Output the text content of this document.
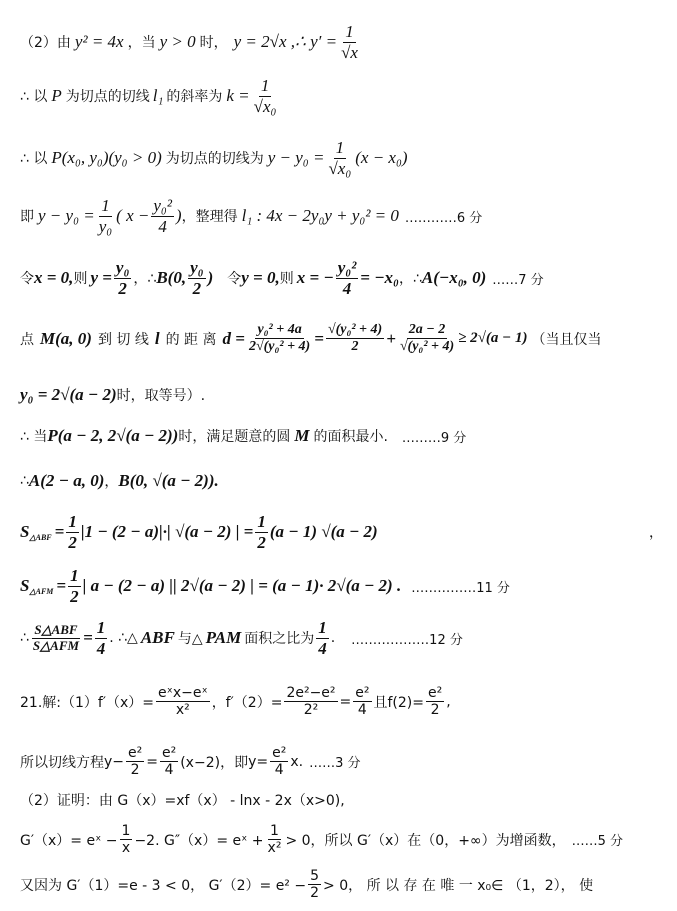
（2）由 y² = 4x ，当 y > 0 时， y = 2√x ,∴ $y' = \frac{1}{√x}$
∴ 以 P 为切点的切线 l₁ 的斜率为 $k = \frac{1}{\text{√x₀}}$
∴ 以 P(x₀, y₀)(y₀ > 0) 为切点的切线为 $y - y_0 = \frac{1}{\text{√x₀}} (x - x_0)$
即 $y - y_0 = \frac{1}{\text{y₀}}$ ( $x - \frac{\text{y₀²}}{4}$ ) ，整理得 l₁ : 4x − 2y₀y + y₀² = 0 …………6 分
令 x = 0, 则 $y = \frac{\text{y₀}}{2}$ ，∴ B(0, $\frac{\text{y₀}}{2}$ ) 令 y = 0, 则 x = − $\frac{\text{y₀²}}{4} = -x_0$ ，∴ A(−x₀, 0) ……7 分
点 M(a, 0) 到 切 线 l 的 距 离 $d = \frac{\text{y₀² + 4a}}{\text{2√(y₀² + 4)}} = \frac{\text{√(y₀² + 4)}}{2} + \frac{2a - 2}{\text{√(y₀² + 4)}} \ge 2√(a - 1)$ （当且仅当
y₀ = 2√(a − 2) 时，取等号）.
∴ 当 P(a − 2, 2√(a − 2)) 时，满足题意的圆 M 的面积最小. ………9 分
∴ A(2 − a, 0) ， B(0, √(a − 2)) .
$S_{\triangle ABF} = \frac{1}{2} |1 - (2 - a)|\cdot|$ √(a − 2) | = $\frac{1}{2} (a - 1) √(a - 2)$	，
$S_{\triangle AFM} = \frac{1}{2}$ | a − (2 − a) || 2√(a − 2) | = (a − 1)· 2√(a − 2) . ……………11 分
∴ $\frac{\text{S△ABF}}{\text{S△AFM}} = \frac{1}{4}$ . ∴△ ABF 与△ PAM 面积之比为 $\frac{1}{4}$ . ………………12 分
21.解:（1）f′（x）= $\frac{\text{eˣx−eˣ}}{\text{x²}}$ ，$f'(2)= \frac{\text{2e²−e²}}{\text{2²}} = \frac{\text{e²}}{4}$ 且$f(2)= \frac{\text{e²}}{2}$ ,
所以切线方程 $y- \frac{\text{e²}}{2} = \frac{\text{e²}}{4} (x-2)$，即 $y= \frac{\text{e²}}{4} x$. ……3 分
（2）证明：由 G（x）=xf（x） - lnx - 2x（x>0),
G′（x）= eˣ − $\frac{1}{x} -2$. G″（x）= eˣ + $\frac{1}{\text{x²}} > 0$，所以 G′（x）在（0，+∞）为增函数， ……5 分
又因为 G′（1）=e - 3 < 0， $G'(2)= e^2 - \frac{5}{2} > 0$， 所 以 存 在 唯 一 x₀∈ （1，2）， 使
